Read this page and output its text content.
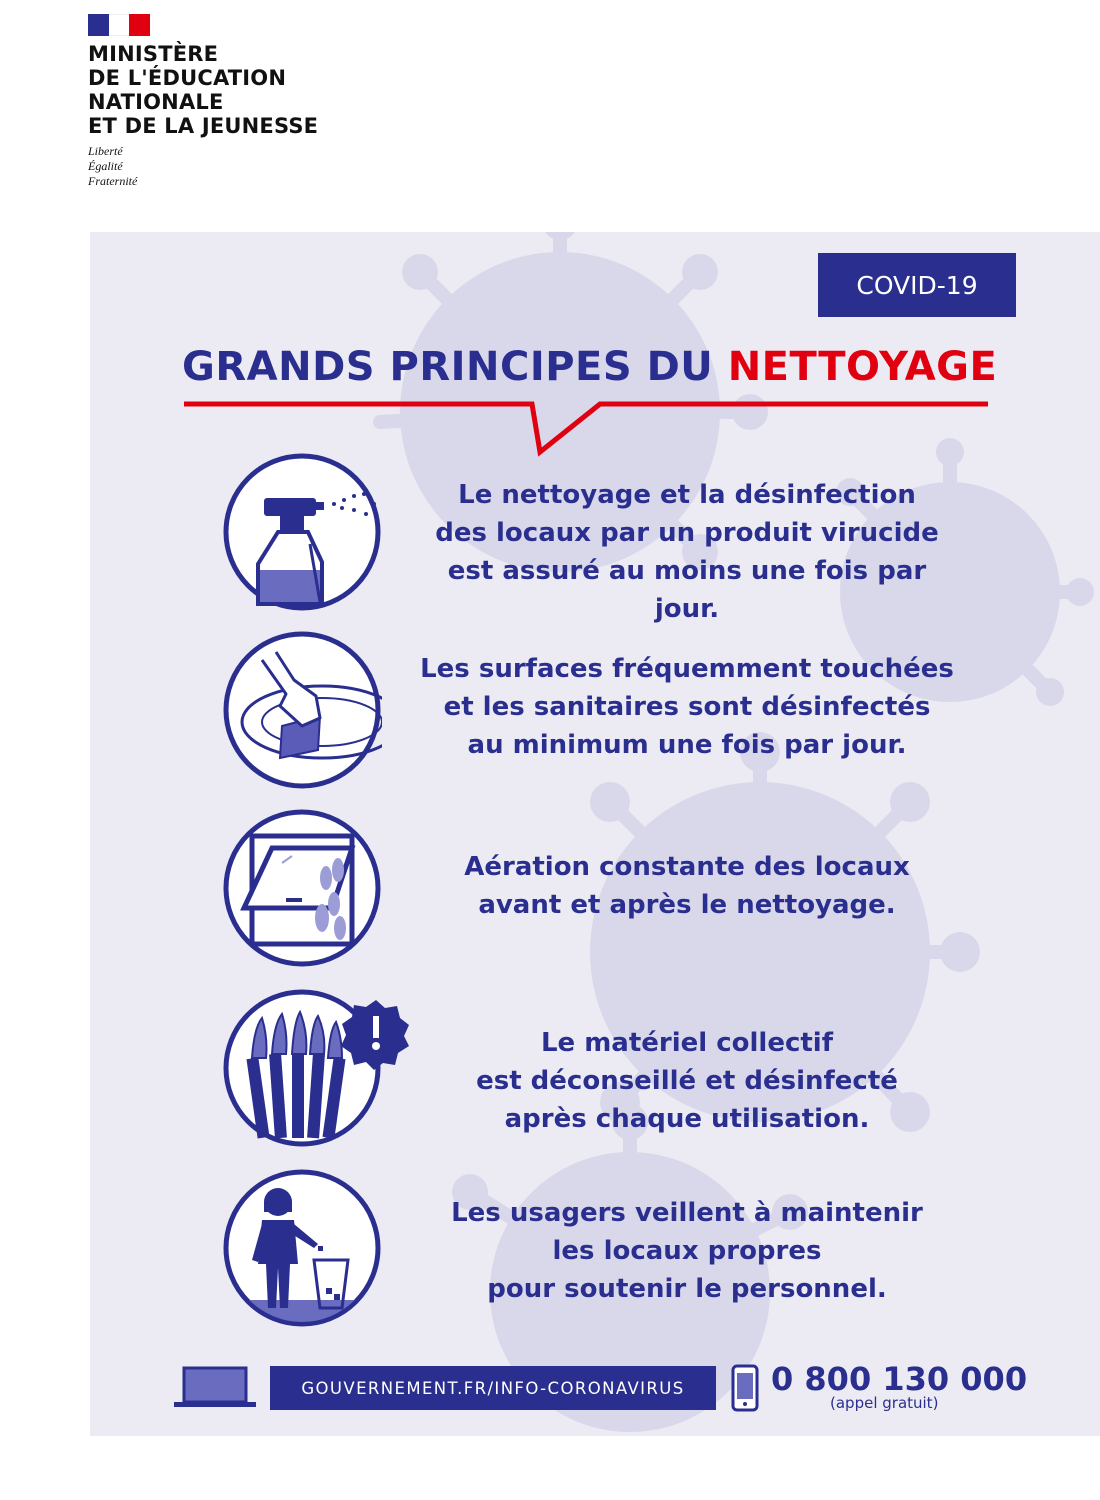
MINISTÈRE
DE L'ÉDUCATION
NATIONALE
ET DE LA JEUNESSE
Liberté
Égalité
Fraternité
COVID-19
GRANDS PRINCIPES DU NETTOYAGE
Le nettoyage et la désinfection
des locaux par un produit virucide
est assuré au moins une fois par jour.
Les surfaces fréquemment touchées
et les sanitaires sont désinfectés
au minimum une fois par jour.
Aération constante des locaux
avant et après le nettoyage.
Le matériel collectif
est déconseillé et désinfecté
après chaque utilisation.
Les usagers veillent à maintenir
les locaux propres
pour soutenir le personnel.
GOUVERNEMENT.FR/INFO-CORONAVIRUS	0 800 130 000
(appel gratuit)
